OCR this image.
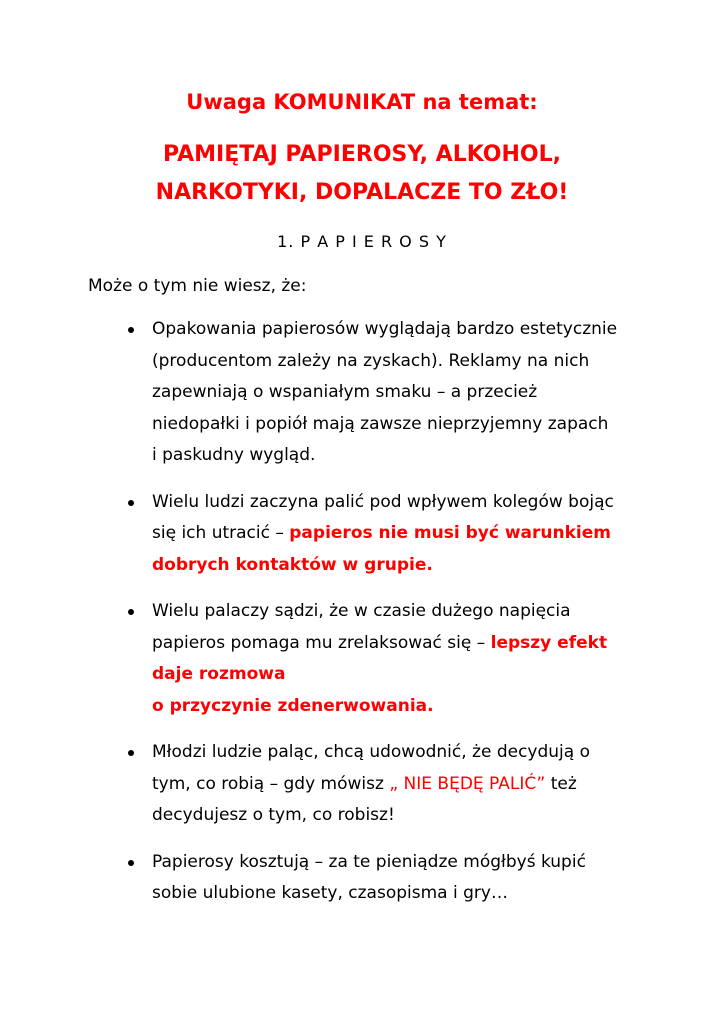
Uwaga KOMUNIKAT na temat:
PAMIĘTAJ PAPIEROSY, ALKOHOL,
NARKOTYKI, DOPALACZE TO ZŁO!
1. P A P I E R O S Y
Może o tym nie wiesz, że:
Opakowania papierosów wyglądają bardzo estetycznie
(producentom zależy na zyskach). Reklamy na nich
zapewniają o wspaniałym smaku – a przecież
niedopałki i popiół mają zawsze nieprzyjemny zapach
i paskudny wygląd.
Wielu ludzi zaczyna palić pod wpływem kolegów bojąc
się ich utracić – papieros nie musi być warunkiem
dobrych kontaktów w grupie.
Wielu palaczy sądzi, że w czasie dużego napięcia
papieros pomaga mu zrelaksować się – lepszy efekt
daje rozmowa
o przyczynie zdenerwowania.
Młodzi ludzie paląc, chcą udowodnić, że decydują o
tym, co robią – gdy mówisz „ NIE BĘDĘ PALIĆ” też
decydujesz o tym, co robisz!
Papierosy kosztują – za te pieniądze mógłbyś kupić
sobie ulubione kasety, czasopisma i gry…
